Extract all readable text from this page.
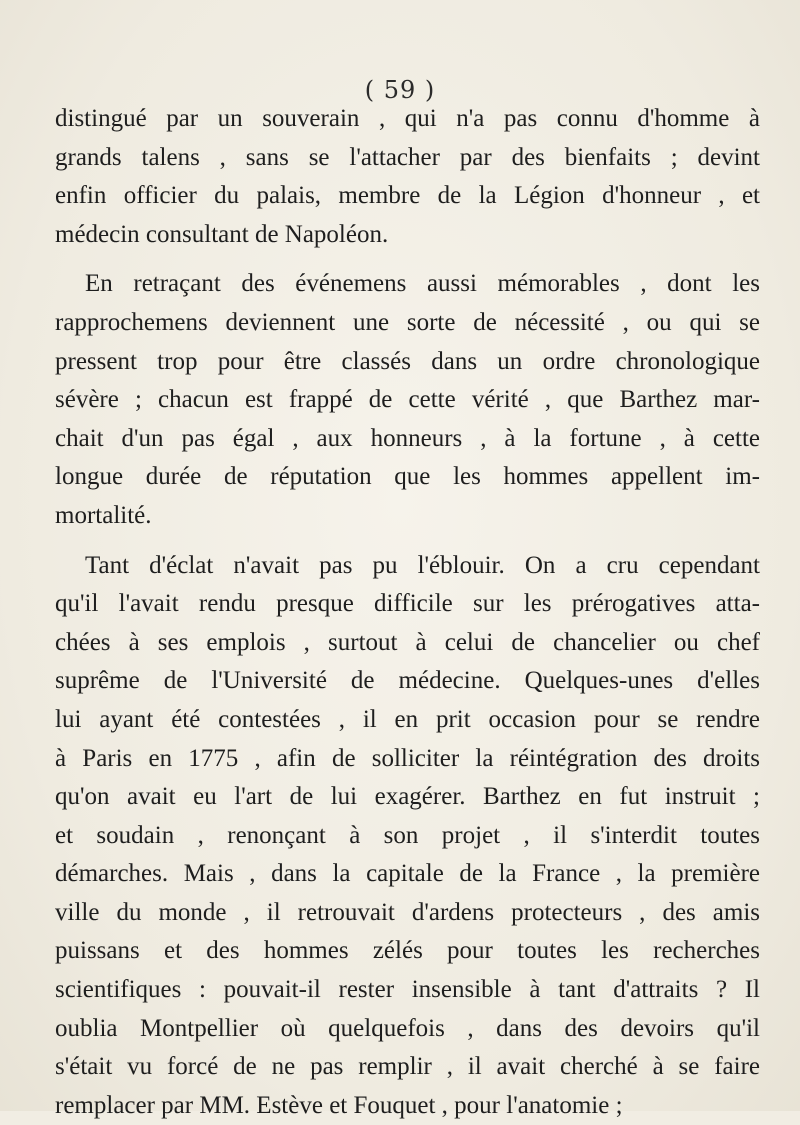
( 59 )
distingué par un souverain , qui n'a pas connu d'homme à
grands talens , sans se l'attacher par des bienfaits ; devint
enfin officier du palais, membre de la Légion d'honneur , et
médecin consultant de Napoléon.
En retraçant des événemens aussi mémorables , dont les
rapprochemens deviennent une sorte de nécessité , ou qui se
pressent trop pour être classés dans un ordre chronologique
sévère ; chacun est frappé de cette vérité , que Barthez mar-
chait d'un pas égal , aux honneurs , à la fortune , à cette
longue durée de réputation que les hommes appellent im-
mortalité.
Tant d'éclat n'avait pas pu l'éblouir. On a cru cependant
qu'il l'avait rendu presque difficile sur les prérogatives atta-
chées à ses emplois , surtout à celui de chancelier ou chef
suprême de l'Université de médecine. Quelques-unes d'elles
lui ayant été contestées , il en prit occasion pour se rendre
à Paris en 1775 , afin de solliciter la réintégration des droits
qu'on avait eu l'art de lui exagérer. Barthez en fut instruit ;
et soudain , renonçant à son projet , il s'interdit toutes
démarches. Mais , dans la capitale de la France , la première
ville du monde , il retrouvait d'ardens protecteurs , des amis
puissans et des hommes zélés pour toutes les recherches
scientifiques : pouvait-il rester insensible à tant d'attraits ? Il
oublia Montpellier où quelquefois , dans des devoirs qu'il
s'était vu forcé de ne pas remplir , il avait cherché à se faire
remplacer par MM. Estève et Fouquet , pour l'anatomie ;
